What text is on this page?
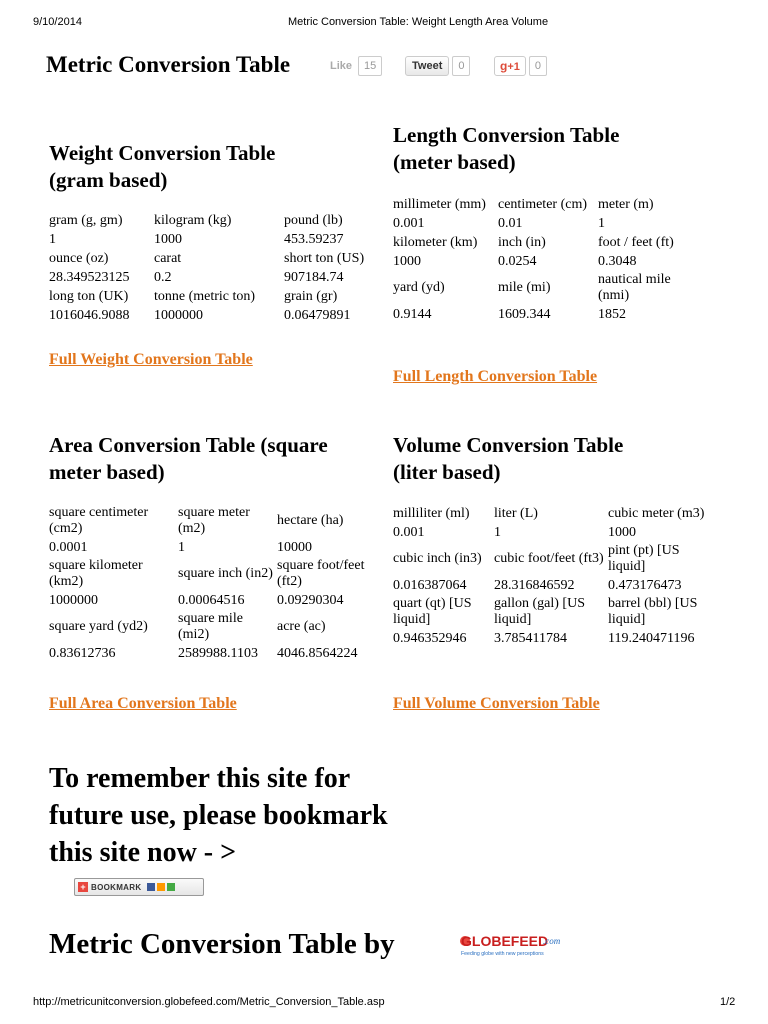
9/10/2014	Metric Conversion Table: Weight Length Area Volume
Metric Conversion Table	Like	15	Tweet	0	g+1	0
Weight Conversion Table
(gram based)
gram (g, gm)	kilogram (kg)	pound (lb)
1	1000	453.59237
ounce (oz)	carat	short ton (US)
28.349523125	0.2	907184.74
long ton (UK)	tonne (metric ton)	grain (gr)
1016046.9088	1000000	0.06479891
Full Weight Conversion Table
Length Conversion Table
(meter based)
millimeter (mm)	centimeter (cm)	meter (m)
0.001	0.01	1
kilometer (km)	inch (in)	foot / feet (ft)
1000	0.0254	0.3048
yard (yd)	mile (mi)	nautical mile (nmi)
0.9144	1609.344	1852
Full Length Conversion Table
Area Conversion Table (square
meter based)
square centimeter (cm2)	square meter (m2)	hectare (ha)
0.0001	1	10000
square kilometer (km2)	square inch (in2)	square foot/feet (ft2)
1000000	0.00064516	0.09290304
square yard (yd2)	square mile (mi2)	acre (ac)
0.83612736	2589988.1103	4046.8564224
Full Area Conversion Table
Volume Conversion Table
(liter based)
milliliter (ml)	liter (L)	cubic meter (m3)
0.001	1	1000
cubic inch (in3)	cubic foot/feet (ft3)	pint (pt) [US liquid]
0.016387064	28.316846592	0.473176473
quart (qt) [US liquid]	gallon (gal) [US liquid]	barrel (bbl) [US liquid]
0.946352946	3.785411784	119.240471196
Full Volume Conversion Table

To remember this site for future use, please bookmark this site now - >

+ BOOKMARK

Metric Conversion Table by	GLOBEFEED
.com
Feeding globe with new perceptions
http://metricunitconversion.globefeed.com/Metric_Conversion_Table.asp	1/2
